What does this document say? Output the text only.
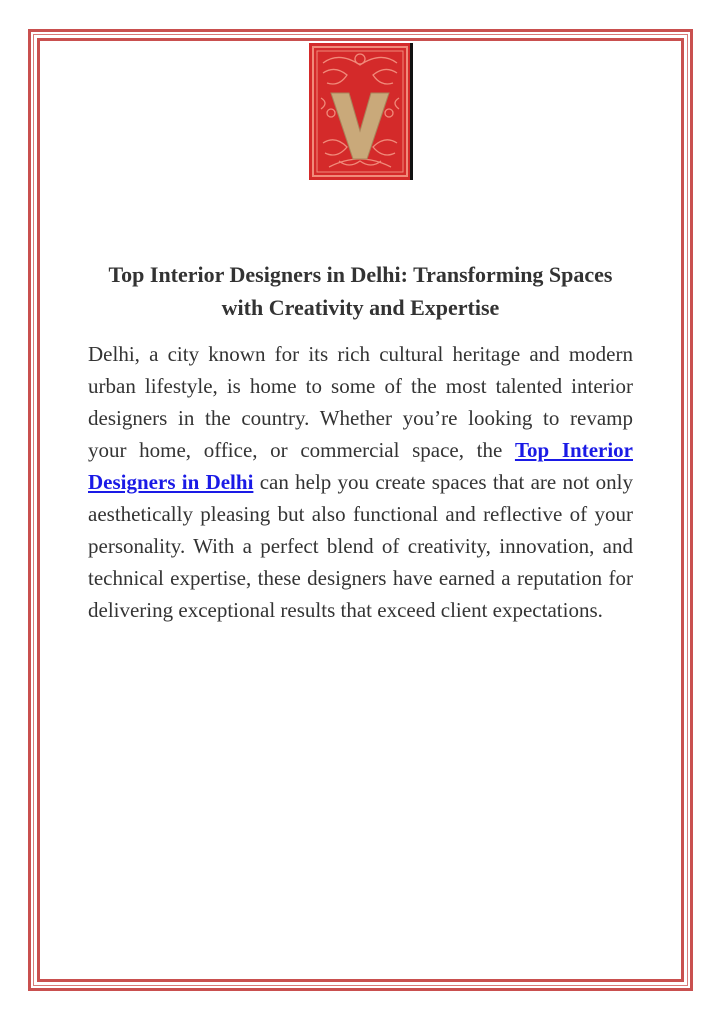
Top Interior Designers in Delhi: Transforming Spaces with Creativity and Expertise

Delhi, a city known for its rich cultural heritage and modern urban lifestyle, is home to some of the most talented interior designers in the country. Whether you’re looking to revamp your home, office, or commercial space, the Top Interior Designers in Delhi can help you create spaces that are not only aesthetically pleasing but also functional and reflective of your personality. With a perfect blend of creativity, innovation, and technical expertise, these designers have earned a reputation for delivering exceptional results that exceed client expectations.
